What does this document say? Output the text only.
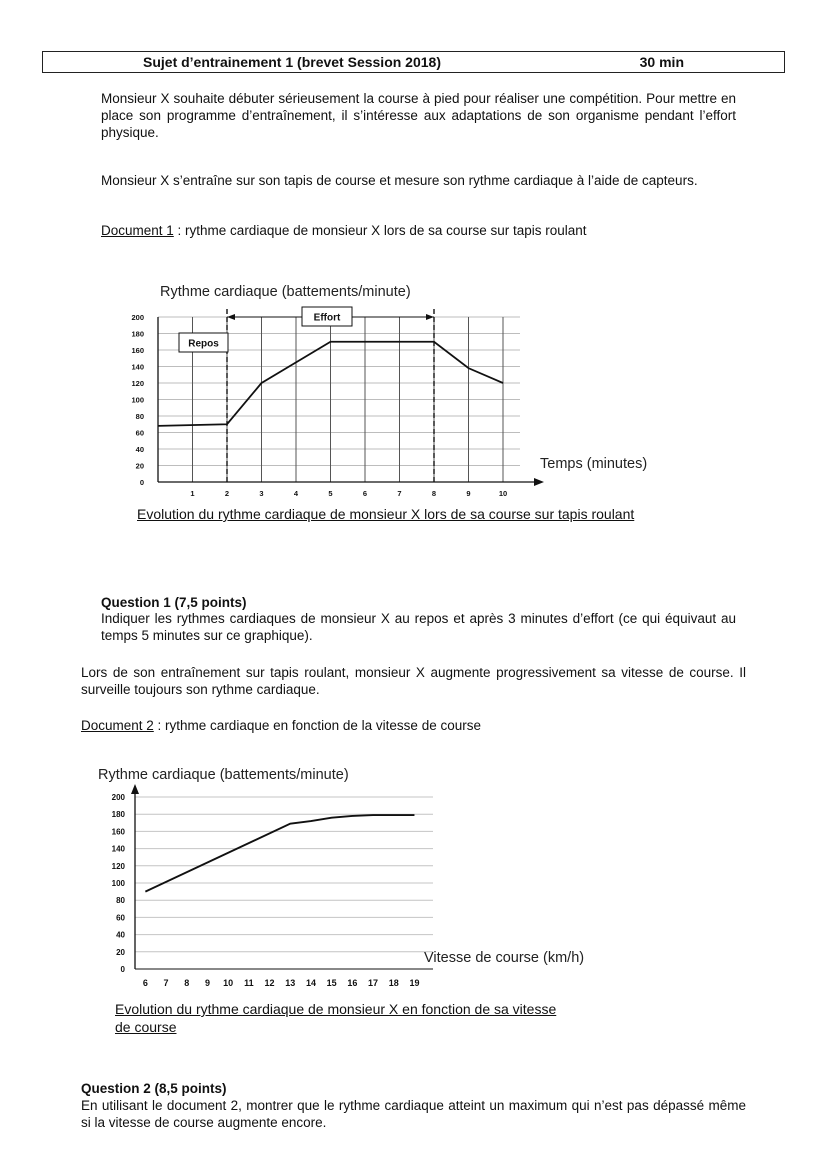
Sujet d’entrainement 1 (brevet Session 2018)	30 min

Monsieur X souhaite débuter sérieusement la course à pied pour réaliser une compétition. Pour mettre en place son programme d’entraînement, il s’intéresse aux adaptations de son organisme pendant l’effort physique.

Monsieur X s’entraîne sur son tapis de course et mesure son rythme cardiaque à l’aide de capteurs.

Document 1 : rythme cardiaque de monsieur X lors de sa course sur tapis roulant

Rythme cardiaque (battements/minute)
0
20
40
60
80
100
120
140
160
180
200
1	2	3	4	5	6	7	8	9	10
Effort
Repos
Temps (minutes)
Evolution du rythme cardiaque de monsieur X lors de sa course sur tapis roulant

Question 1 (7,5 points)

Indiquer les rythmes cardiaques de monsieur X au repos et après 3 minutes d’effort (ce qui équivaut au temps 5 minutes sur ce graphique).

Lors de son entraînement sur tapis roulant, monsieur X augmente progressivement sa vitesse de course. Il surveille toujours son rythme cardiaque.

Document 2 : rythme cardiaque en fonction de la vitesse de course

Rythme cardiaque (battements/minute)
0
20
40
60
80
100
120
140
160
180
200
6 7 8 9 10 11 12 13 14 15 16 17 18 19
Vitesse de course (km/h)
Evolution du rythme cardiaque de monsieur X en fonction de sa vitesse
de course

Question 2 (8,5 points)

En utilisant le document 2, montrer que le rythme cardiaque atteint un maximum qui n’est pas dépassé même si la vitesse de course augmente encore.
